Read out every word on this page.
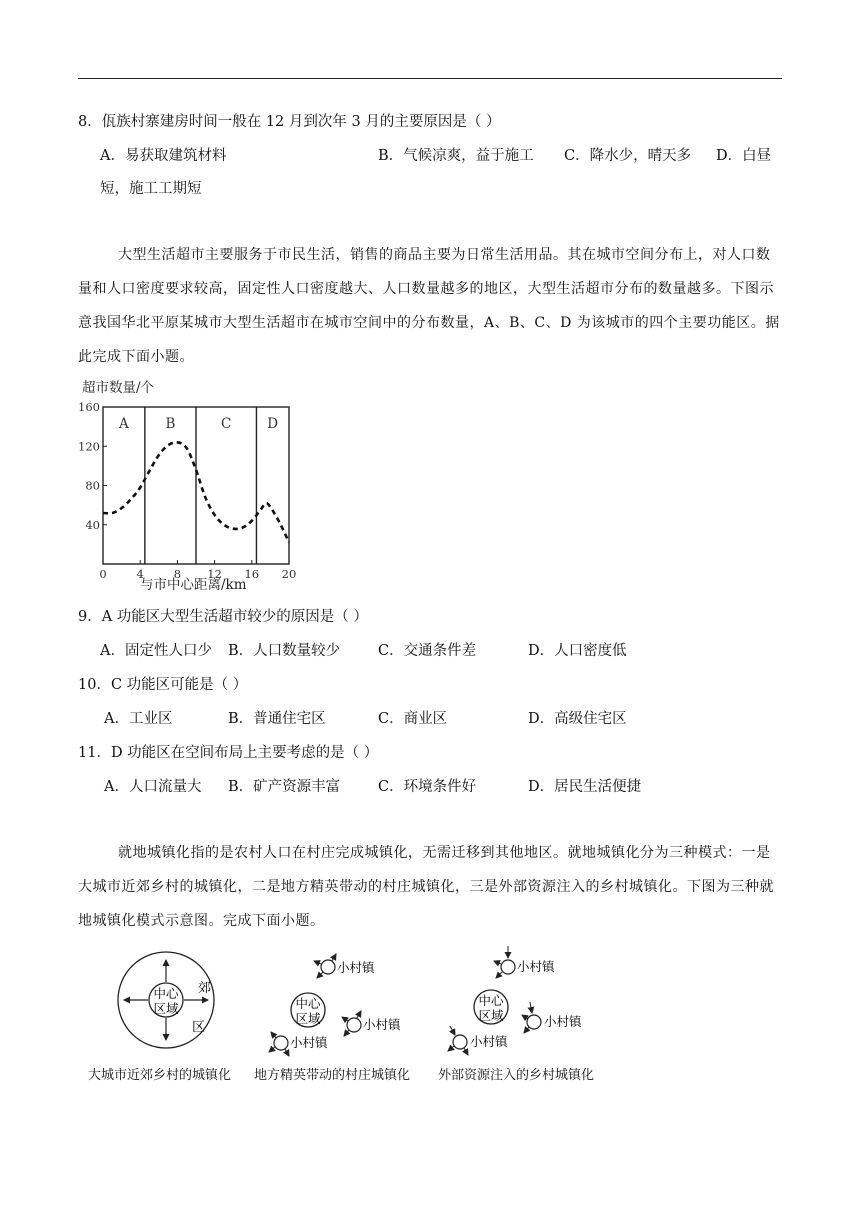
8．佤族村寨建房时间一般在 12 月到次年 3 月的主要原因是（ ）
A．易获取建筑材料	B．气候凉爽，益于施工 C．降水少，晴天多 D．白昼
短，施工工期短
大型生活超市主要服务于市民生活，销售的商品主要为日常生活用品。其在城市空间分布上，对人口数量和人口密度要求较高，固定性人口密度越大、人口数量越多的地区，大型生活超市分布的数量越多。下图示意我国华北平原某城市大型生活超市在城市空间中的分布数量，A、B、C、D 为该城市的四个主要功能区。据此完成下面小题。
超市数量/个
与市中心距离/km
A	B	C	D
0	4	8 12 16 20
40
80
120
160
9．A 功能区大型生活超市较少的原因是（ ）
A．固定性人口少 B．人口数量较少	C．交通条件差	D．人口密度低
10．C 功能区可能是（ ）
A．工业区	B．普通住宅区	C．商业区	D．高级住宅区
11．D 功能区在空间布局上主要考虑的是（ ）
A．人口流量大 B．矿产资源丰富	C．环境条件好	D．居民生活便捷
就地城镇化指的是农村人口在村庄完成城镇化，无需迁移到其他地区。就地城镇化分为三种模式：一是大城市近郊乡村的城镇化，二是地方精英带动的村庄城镇化，三是外部资源注入的乡村城镇化。下图为三种就地城镇化模式示意图。完成下面小题。
中心
区域
郊
区
中心
区域
小村镇
小村镇
小村镇
中心
区域
小村镇
小村镇
小村镇
大城市近郊乡村的城镇化 地方精英带动的村庄城镇化 外部资源注入的乡村城镇化
